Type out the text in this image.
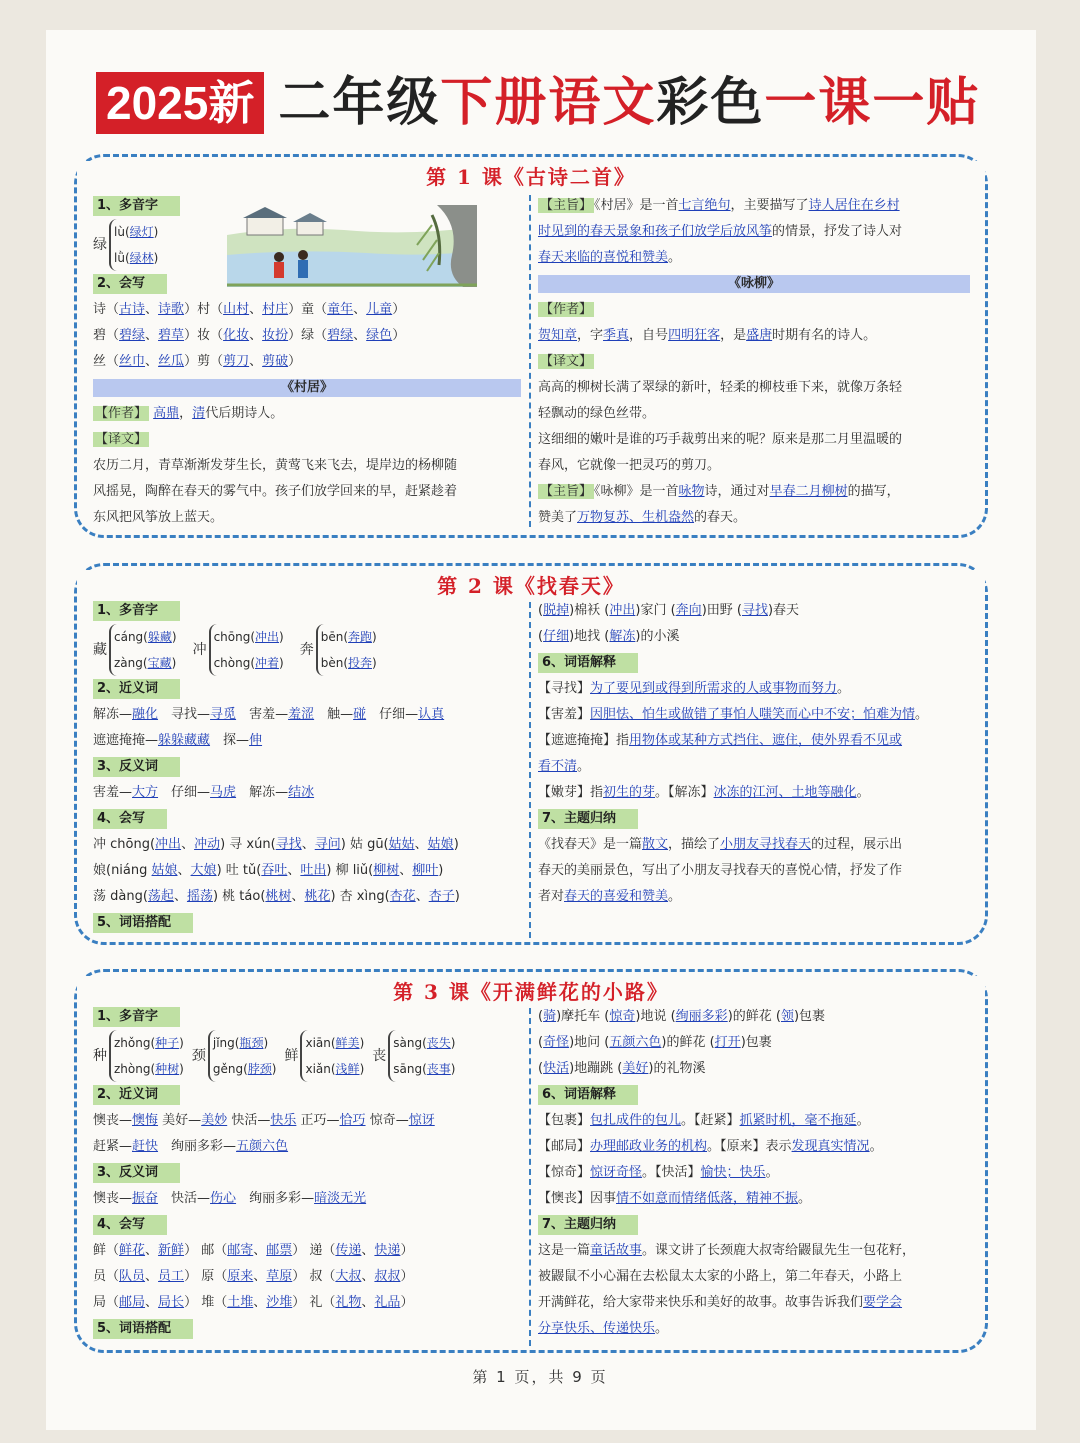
2025新 二年级 下册语文 彩色 一课一贴
第 1 课《古诗二首》
1、多音字
绿
lù(绿灯)
lǜ(绿林)
2、会写
诗（古诗、诗歌）村（山村、村庄）童（童年、儿童）
碧（碧绿、碧草）妆（化妆、妆扮）绿（碧绿、绿色）
丝（丝巾、丝瓜）剪（剪刀、剪破）
《村居》
【作者】 高鼎，清代后期诗人。
【译文】
农历二月，青草渐渐发芽生长，黄莺飞来飞去，堤岸边的杨柳随
风摇晃，陶醉在春天的雾气中。孩子们放学回来的早，赶紧趁着
东风把风筝放上蓝天。
【主旨】 《村居》是一首七言绝句，主要描写了诗人居住在乡村
时见到的春天景象和孩子们放学后放风筝的情景，抒发了诗人对
春天来临的喜悦和赞美。
《咏柳》
【作者】
贺知章，字季真，自号四明狂客，是盛唐时期有名的诗人。
【译文】
高高的柳树长满了翠绿的新叶，轻柔的柳枝垂下来，就像万条轻
轻飘动的绿色丝带。
这细细的嫩叶是谁的巧手裁剪出来的呢？原来是那二月里温暖的
春风，它就像一把灵巧的剪刀。
【主旨】 《咏柳》是一首咏物诗，通过对早春二月柳树的描写，
赞美了万物复苏、生机盎然的春天。
第 2 课《找春天》
1、多音字
藏
cáng(躲藏)
zàng(宝藏)
冲
chōng(冲出)
chòng(冲着)
奔
bēn(奔跑)
bèn(投奔)
2、近义词
解冻—融化  寻找—寻觅  害羞—羞涩  触—碰  仔细—认真
遮遮掩掩—躲躲藏藏  探—伸
3、反义词
害羞—大方  仔细—马虎  解冻—结冰
4、会写
冲 chōng(冲出、冲动) 寻 xún(寻找、寻问) 姑 gū(姑姑、姑娘)
娘(niáng 姑娘、大娘) 吐 tǔ(吞吐、吐出) 柳 liǔ(柳树、柳叶)
荡 dàng(荡起、摇荡) 桃 táo(桃树、桃花) 杏 xìng(杏花、杏子)
5、词语搭配
(脱掉)棉袄 (冲出)家门 (奔向)田野 (寻找)春天
(仔细)地找 (解冻)的小溪
6、词语解释
【寻找】为了要见到或得到所需求的人或事物而努力。
【害羞】因胆怯、怕生或做错了事怕人嗤笑而心中不安；怕难为情。
【遮遮掩掩】指用物体或某种方式挡住、遮住，使外界看不见或
看不清。
【嫩芽】指初生的芽。【解冻】冰冻的江河、土地等融化。
7、主题归纳
《找春天》是一篇散文，描绘了小朋友寻找春天的过程，展示出
春天的美丽景色，写出了小朋友寻找春天的喜悦心情，抒发了作
者对春天的喜爱和赞美。
第 3 课《开满鲜花的小路》
1、多音字
种
zhǒng(种子)
zhòng(种树)
颈
jǐng(瓶颈)
gěng(脖颈)
鲜
xiān(鲜美)
xiǎn(浅鲜)
丧
sàng(丧失)
sāng(丧事)
2、近义词
懊丧—懊悔 美好—美妙 快活—快乐 正巧—恰巧 惊奇—惊讶
赶紧—赶快  绚丽多彩—五颜六色
3、反义词
懊丧—振奋  快活—伤心  绚丽多彩—暗淡无光
4、会写
鲜（鲜花、新鲜） 邮（邮寄、邮票） 递（传递、快递）
员（队员、员工） 原（原来、草原） 叔（大叔、叔叔）
局（邮局、局长） 堆（土堆、沙堆） 礼（礼物、礼品）
5、词语搭配
(骑)摩托车 (惊奇)地说 (绚丽多彩)的鲜花 (领)包裹
(奇怪)地问 (五颜六色)的鲜花 (打开)包裹
(快活)地蹦跳 (美好)的礼物溪
6、词语解释
【包裹】包扎成件的包儿。【赶紧】抓紧时机，毫不拖延。
【邮局】办理邮政业务的机构。【原来】表示发现真实情况。
【惊奇】惊讶奇怪。【快活】愉快；快乐。
【懊丧】因事情不如意而情绪低落，精神不振。
7、主题归纳
这是一篇童话故事。课文讲了长颈鹿大叔寄给鼹鼠先生一包花籽，
被鼹鼠不小心漏在去松鼠太太家的小路上，第二年春天，小路上
开满鲜花，给大家带来快乐和美好的故事。故事告诉我们要学会
分享快乐、传递快乐。
第 1 页，共 9 页
